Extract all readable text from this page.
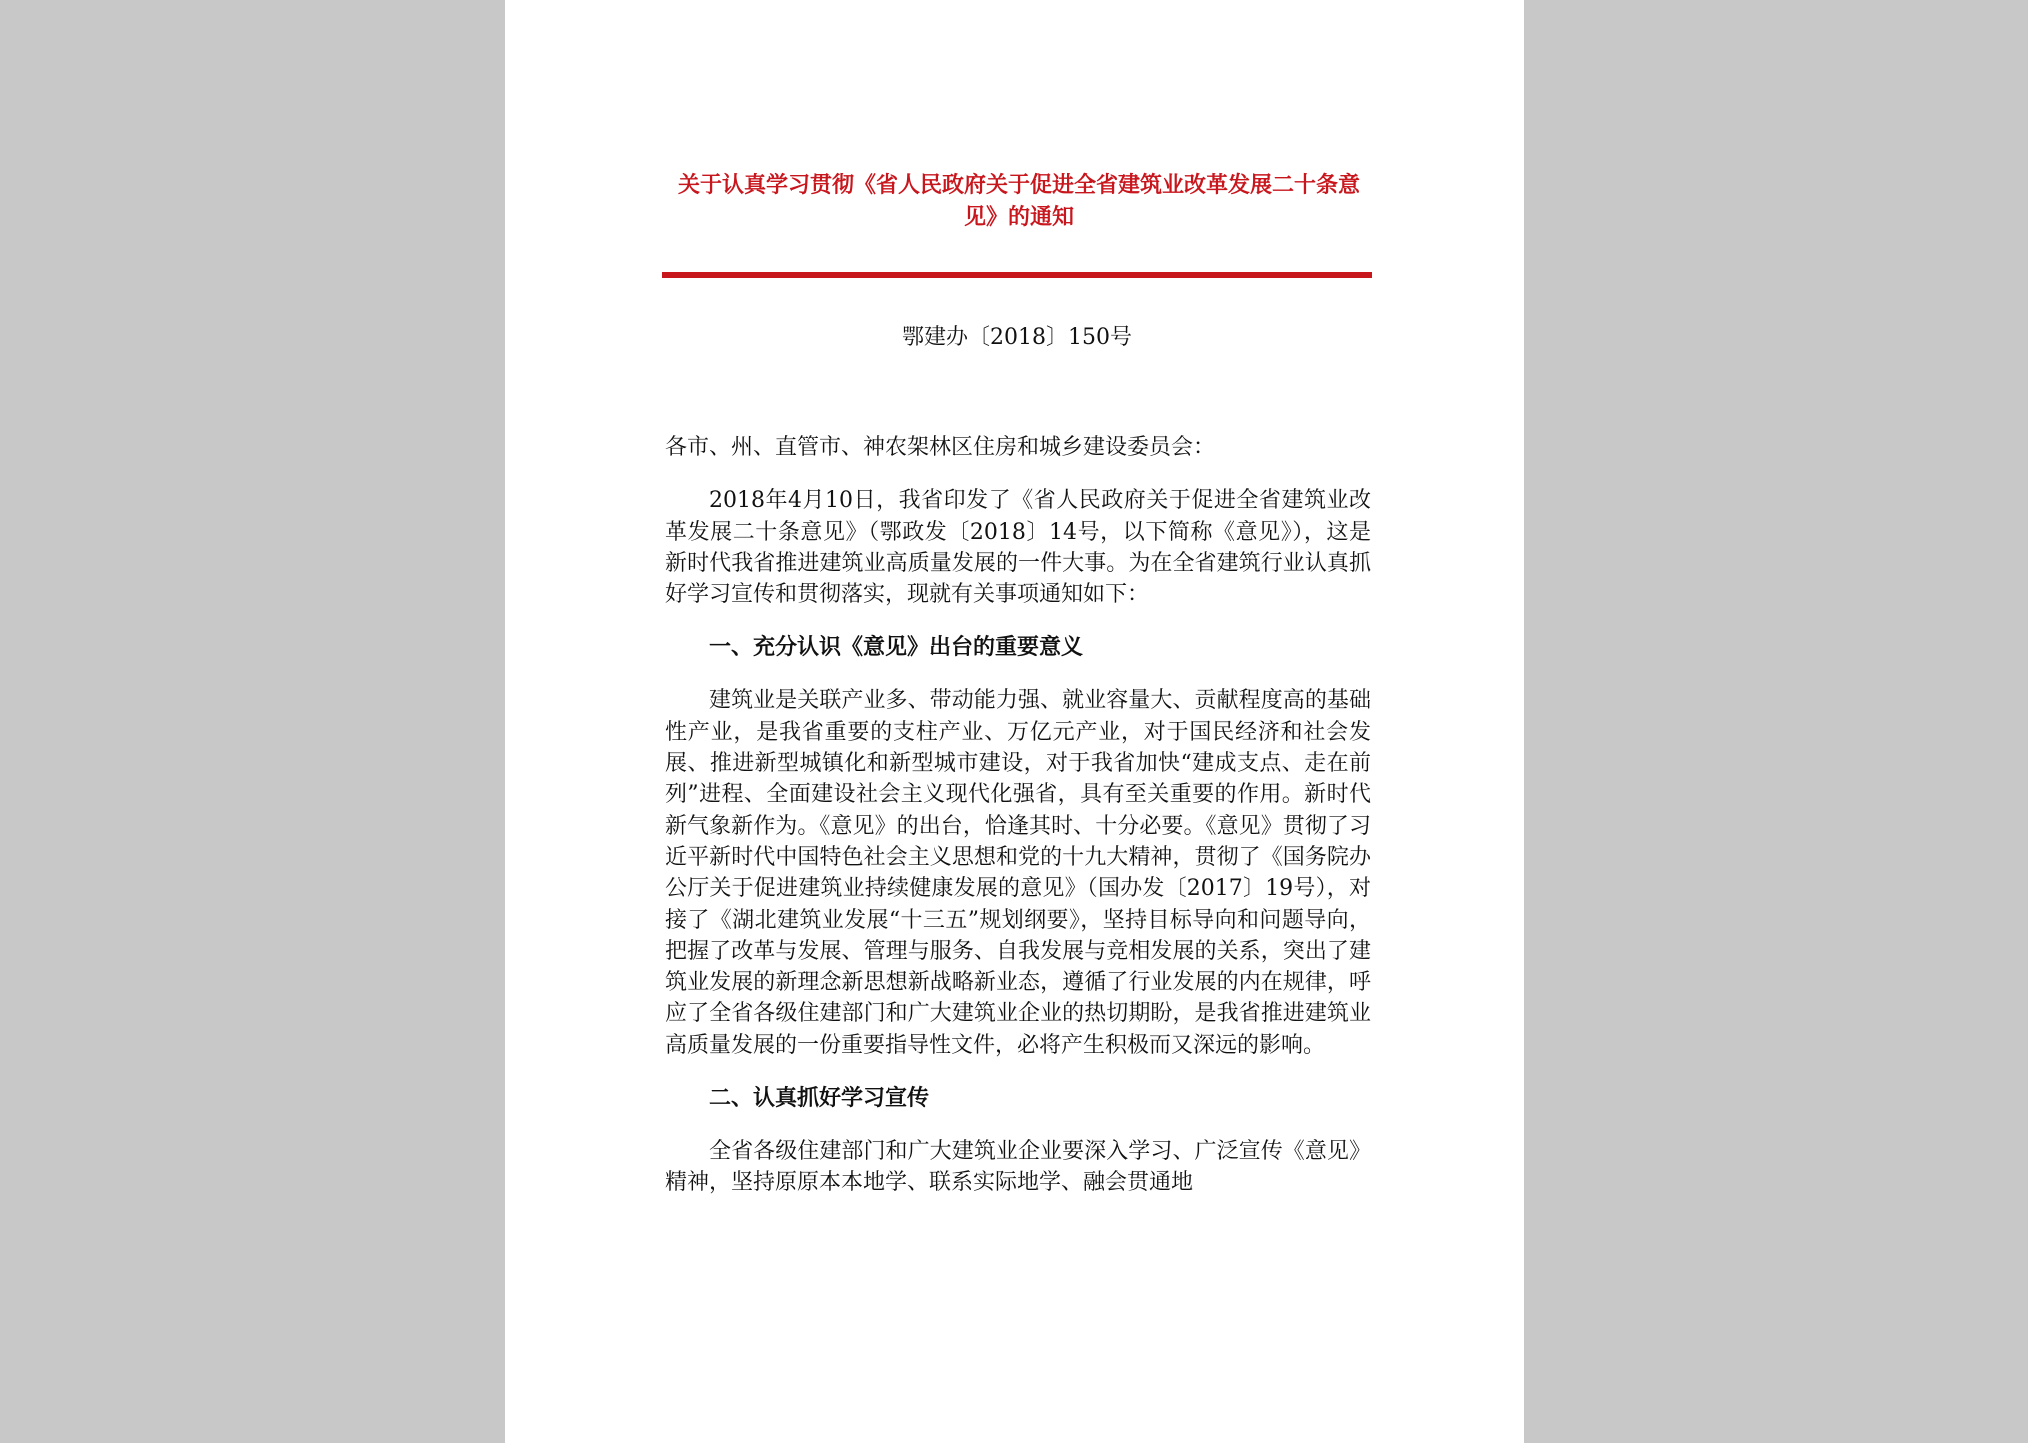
关于认真学习贯彻《省人民政府关于促进全省建筑业改革发展二十条意见》的通知
鄂建办〔2018〕150号

各市、州、直管市、神农架林区住房和城乡建设委员会：

2018年4月10日，我省印发了《省人民政府关于促进全省建筑业改革发展二十条意见》（鄂政发〔2018〕14号，以下简称《意见》），这是新时代我省推进建筑业高质量发展的一件大事。为在全省建筑行业认真抓好学习宣传和贯彻落实，现就有关事项通知如下：

一、充分认识《意见》出台的重要意义

建筑业是关联产业多、带动能力强、就业容量大、贡献程度高的基础性产业，是我省重要的支柱产业、万亿元产业，对于国民经济和社会发展、推进新型城镇化和新型城市建设，对于我省加快“建成支点、走在前列”进程、全面建设社会主义现代化强省，具有至关重要的作用。新时代新气象新作为。《意见》的出台，恰逢其时、十分必要。《意见》贯彻了习近平新时代中国特色社会主义思想和党的十九大精神，贯彻了《国务院办公厅关于促进建筑业持续健康发展的意见》（国办发〔2017〕19号），对接了《湖北建筑业发展“十三五”规划纲要》，坚持目标导向和问题导向，把握了改革与发展、管理与服务、自我发展与竞相发展的关系，突出了建筑业发展的新理念新思想新战略新业态，遵循了行业发展的内在规律，呼应了全省各级住建部门和广大建筑业企业的热切期盼，是我省推进建筑业高质量发展的一份重要指导性文件，必将产生积极而又深远的影响。

二、认真抓好学习宣传

全省各级住建部门和广大建筑业企业要深入学习、广泛宣传《意见》精神，坚持原原本本地学、联系实际地学、融会贯通地
